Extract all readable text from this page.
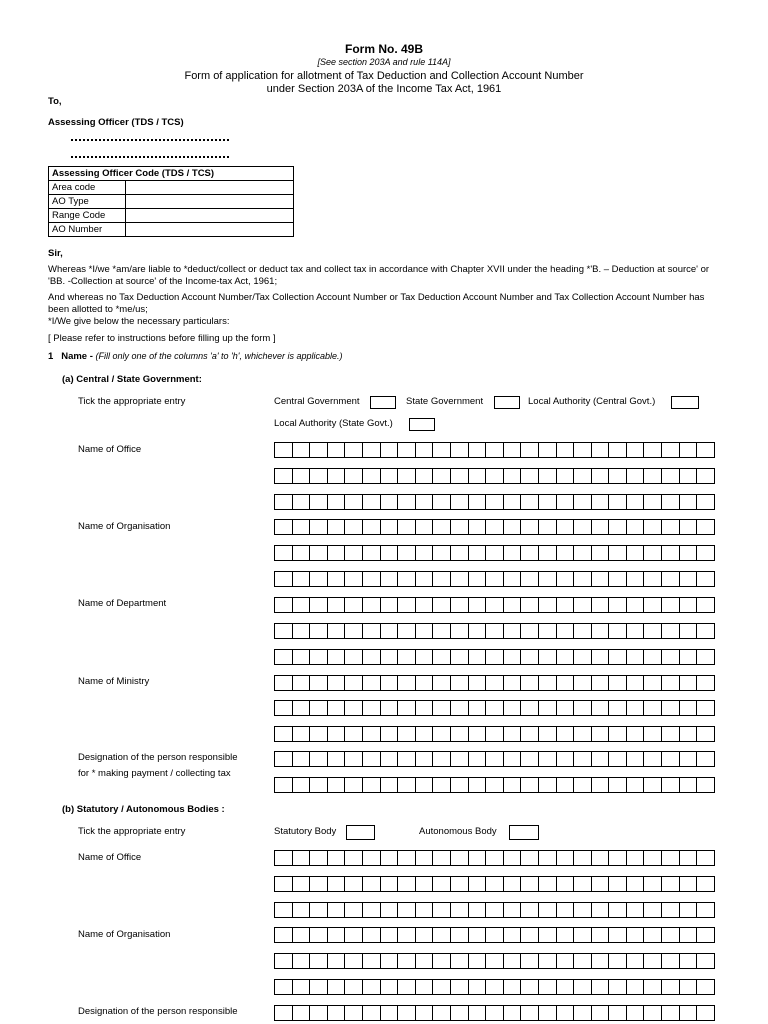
Form No. 49B
[See section 203A and rule 114A]
Form of application for allotment of Tax Deduction and Collection Account Number
under Section 203A of the Income Tax Act, 1961
To,
Assessing Officer (TDS / TCS)
Assessing Officer Code (TDS / TCS)	
Area code	
AO Type	
Range Code	
AO Number	
Sir,
Whereas *I/we *am/are liable to *deduct/collect or deduct tax and collect tax in accordance with Chapter XVII under the heading *'B. – Deduction at source' or 'BB. -Collection at source' of the Income-tax Act, 1961;
And whereas no Tax Deduction Account Number/Tax Collection Account Number or Tax Deduction Account Number and Tax Collection Account Number has been allotted to *me/us;
*I/We give below the necessary particulars:
[ Please refer to instructions before filling up the form ]
1 Name - (Fill only one of the columns 'a' to 'h', whichever is applicable.)
(a) Central / State Government:
Tick the appropriate entry	Central Government	State Government	Local Authority (Central Govt.)
Local Authority (State Govt.)
Name of Office
Name of Organisation
Name of Department
Name of Ministry
Designation of the person responsible
for * making payment / collecting tax
(b) Statutory / Autonomous Bodies :
Tick the appropriate entry	Statutory Body	Autonomous Body
Name of Office
Name of Organisation
Designation of the person responsible
